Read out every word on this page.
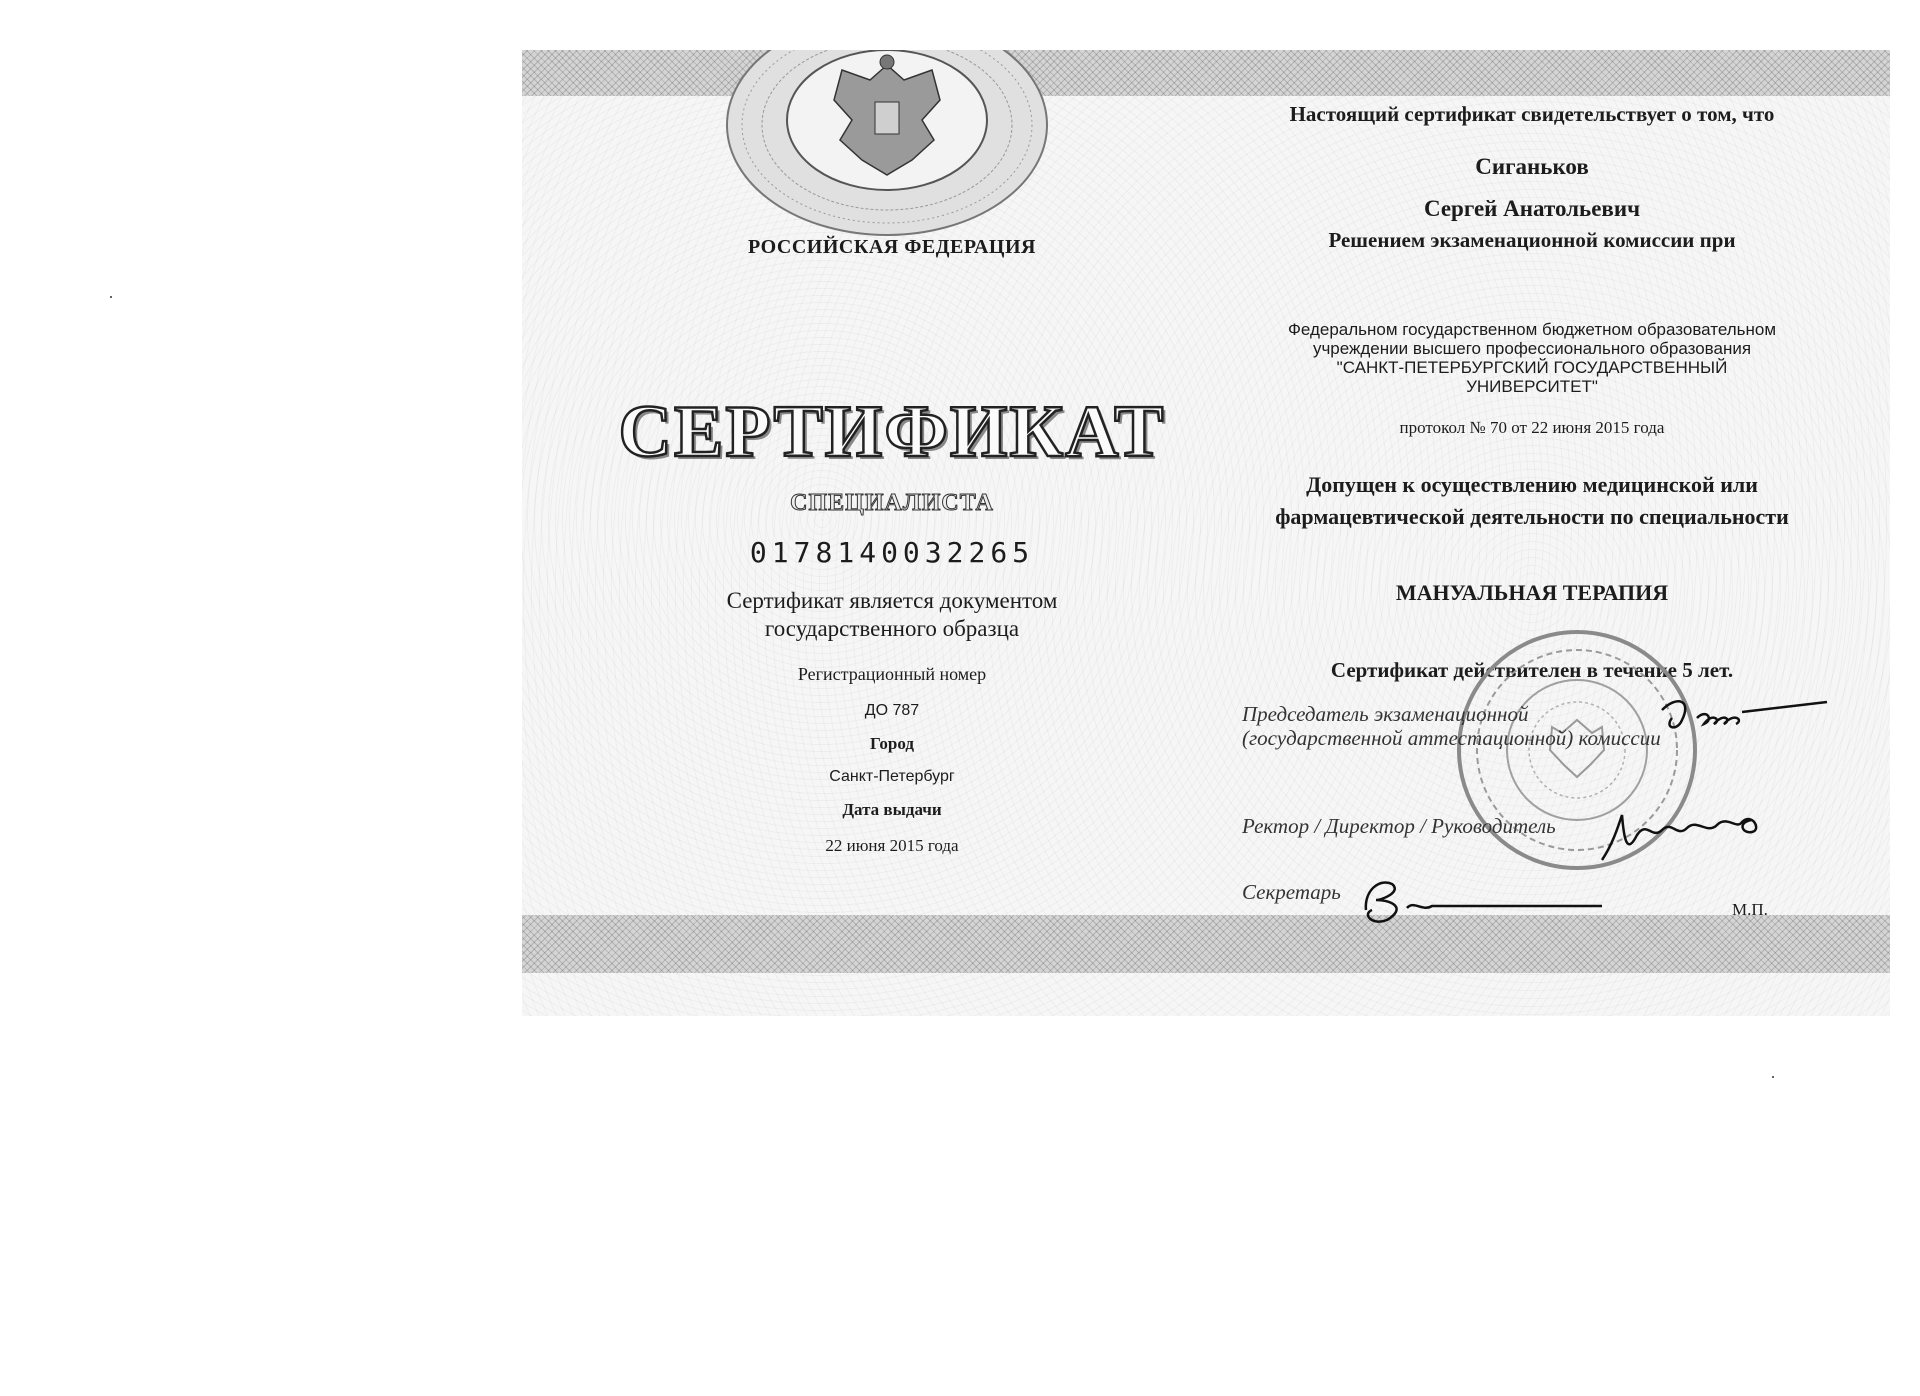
РОССИЙСКАЯ ФЕДЕРАЦИЯ
СЕРТИФИКАТ
СПЕЦИАЛИСТА
0178140032265
Сертификат является документом
государственного образца
Регистрационный номер
ДО 787
Город
Санкт-Петербург
Дата выдачи
22 июня 2015 года
Настоящий сертификат свидетельствует о том, что
Сиганьков
Сергей Анатольевич
Решением экзаменационной комиссии при
Федеральном государственном бюджетном образовательном
учреждении высшего профессионального образования
"САНКТ-ПЕТЕРБУРГСКИЙ ГОСУДАРСТВЕННЫЙ
УНИВЕРСИТЕТ"
протокол № 70 от 22 июня 2015 года
Допущен к осуществлению медицинской или
фармацевтической деятельности по специальности
МАНУАЛЬНАЯ ТЕРАПИЯ
Сертификат действителен в течение 5 лет.
Председатель экзаменационной
(государственной аттестационной) комиссии
Ректор / Директор / Руководитель
Секретарь
М.П.
